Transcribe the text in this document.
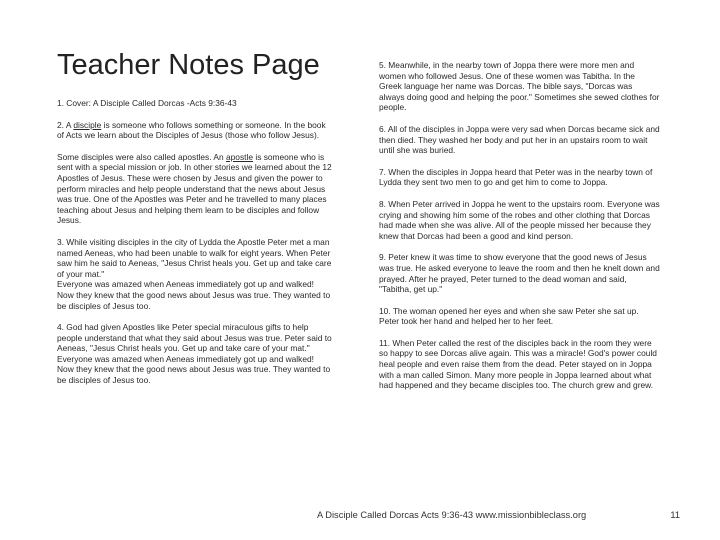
Teacher Notes Page

1. Cover: A Disciple Called Dorcas -Acts 9:36-43

2. A disciple is someone who follows something or someone. In the book of Acts we learn about the Disciples of Jesus (those who follow Jesus).

Some disciples were also called apostles. An apostle is someone who is sent with a special mission or job. In other stories we learned about the 12 Apostles of Jesus. These were chosen by Jesus and given the power to perform miracles and help people understand that the news about Jesus was true. One of the Apostles was Peter and he travelled to many places teaching about Jesus and helping them learn to be disciples and follow Jesus.

3. While visiting disciples in the city of Lydda the Apostle Peter met a man named Aeneas, who had been unable to walk for eight years. When Peter saw him he said to Aeneas, "Jesus Christ heals you. Get up and take care of your mat."
Everyone was amazed when Aeneas immediately got up and walked! Now they knew that the good news about Jesus was true. They wanted to be disciples of Jesus too.

4. God had given Apostles like Peter special miraculous gifts to help people understand that what they said about Jesus was true. Peter said to Aeneas, "Jesus Christ heals you. Get up and take care of your mat."
Everyone was amazed when Aeneas immediately got up and walked! Now they knew that the good news about Jesus was true. They wanted to be disciples of Jesus too.

5. Meanwhile, in the nearby town of Joppa there were more men and women who followed Jesus. One of these women was Tabitha. In the Greek language her name was Dorcas. The bible says, "Dorcas was always doing good and helping the poor." Sometimes she sewed clothes for people.

6. All of the disciples in Joppa were very sad when Dorcas became sick and then died. They washed her body and put her in an upstairs room to wait until she was buried.

7. When the disciples in Joppa heard that Peter was in the nearby town of Lydda they sent two men to go and get him to come to Joppa.

8. When Peter arrived in Joppa he went to the upstairs room. Everyone was crying and showing him some of the robes and other clothing that Dorcas had made when she was alive. All of the people missed her because they knew that Dorcas had been a good and kind person.

9. Peter knew it was time to show everyone that the good news of Jesus was true. He asked everyone to leave the room and then he knelt down and prayed. After he prayed, Peter turned to the dead woman and said, "Tabitha, get up."

10. The woman opened her eyes and when she saw Peter she sat up. Peter took her hand and helped her to her feet.

11. When Peter called the rest of the disciples back in the room they were so happy to see Dorcas alive again. This was a miracle! God's power could heal people and even raise them from the dead. Peter stayed on in Joppa with a man called Simon. Many more people in Joppa learned about what had happened and they became disciples too. The church grew and grew.

A Disciple Called Dorcas Acts 9:36-43 www.missionbibleclass.org	11
